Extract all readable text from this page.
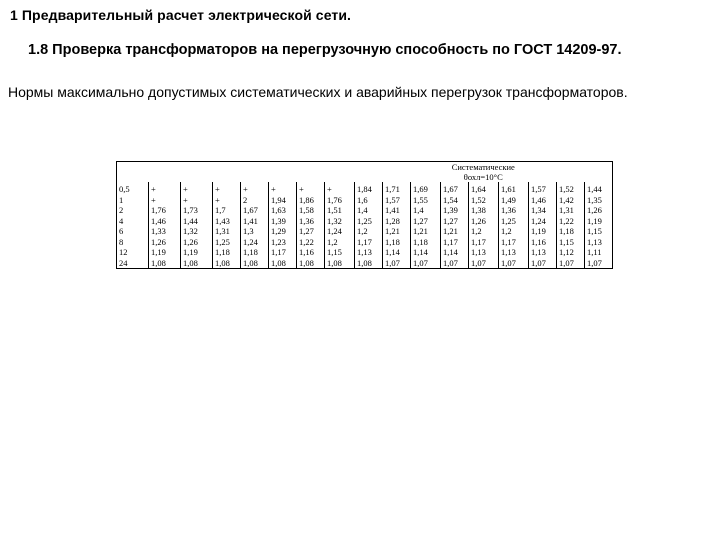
1 Предварительный расчет электрической сети.
1.8 Проверка трансформаторов на перегрузочную способность по ГОСТ 14209-97.
Нормы максимально допустимых систематических и аварийных перегрузок трансформаторов.

								Систематические
θохл=10°С								

0,5	+	+	+	+	+	+	+	1,84	1,71	1,69	1,67	1,64	1,61	1,57	1,52	1,44
1	+	+	+	2	1,94	1,86	1,76	1,6	1,57	1,55	1,54	1,52	1,49	1,46	1,42	1,35
2	1,76	1,73	1,7	1,67	1,63	1,58	1,51	1,4	1,41	1,4	1,39	1,38	1,36	1,34	1,31	1,26
4	1,46	1,44	1,43	1,41	1,39	1,36	1,32	1,25	1,28	1,27	1,27	1,26	1,25	1,24	1,22	1,19
6	1,33	1,32	1,31	1,3	1,29	1,27	1,24	1,2	1,21	1,21	1,21	1,2	1,2	1,19	1,18	1,15
8	1,26	1,26	1,25	1,24	1,23	1,22	1,2	1,17	1,18	1,18	1,17	1,17	1,17	1,16	1,15	1,13
12	1,19	1,19	1,18	1,18	1,17	1,16	1,15	1,13	1,14	1,14	1,14	1,13	1,13	1,13	1,12	1,11
24	1,08	1,08	1,08	1,08	1,08	1,08	1,08	1,08	1,07	1,07	1,07	1,07	1,07	1,07	1,07	1,07
